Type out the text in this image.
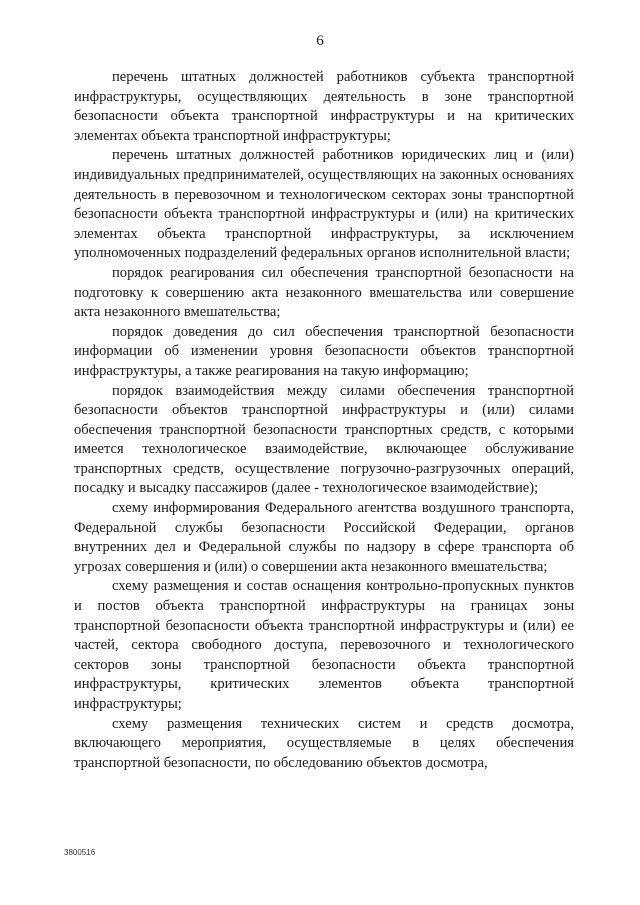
6

перечень штатных должностей работников субъекта транспортной инфраструктуры, осуществляющих деятельность в зоне транспортной безопасности объекта транспортной инфраструктуры и на критических элементах объекта транспортной инфраструктуры;

перечень штатных должностей работников юридических лиц и (или) индивидуальных предпринимателей, осуществляющих на законных основаниях деятельность в перевозочном и технологическом секторах зоны транспортной безопасности объекта транспортной инфраструктуры и (или) на критических элементах объекта транспортной инфраструктуры, за исключением уполномоченных подразделений федеральных органов исполнительной власти;

порядок реагирования сил обеспечения транспортной безопасности на подготовку к совершению акта незаконного вмешательства или совершение акта незаконного вмешательства;

порядок доведения до сил обеспечения транспортной безопасности информации об изменении уровня безопасности объектов транспортной инфраструктуры, а также реагирования на такую информацию;

порядок взаимодействия между силами обеспечения транспортной безопасности объектов транспортной инфраструктуры и (или) силами обеспечения транспортной безопасности транспортных средств, с которыми имеется технологическое взаимодействие, включающее обслуживание транспортных средств, осуществление погрузочно-разгрузочных операций, посадку и высадку пассажиров (далее - технологическое взаимодействие);

схему информирования Федерального агентства воздушного транспорта, Федеральной службы безопасности Российской Федерации, органов внутренних дел и Федеральной службы по надзору в сфере транспорта об угрозах совершения и (или) о совершении акта незаконного вмешательства;

схему размещения и состав оснащения контрольно-пропускных пунктов и постов объекта транспортной инфраструктуры на границах зоны транспортной безопасности объекта транспортной инфраструктуры и (или) ее частей, сектора свободного доступа, перевозочного и технологического секторов зоны транспортной безопасности объекта транспортной инфраструктуры, критических элементов объекта транспортной инфраструктуры;

схему размещения технических систем и средств досмотра, включающего мероприятия, осуществляемые в целях обеспечения транспортной безопасности, по обследованию объектов досмотра,

3800516
